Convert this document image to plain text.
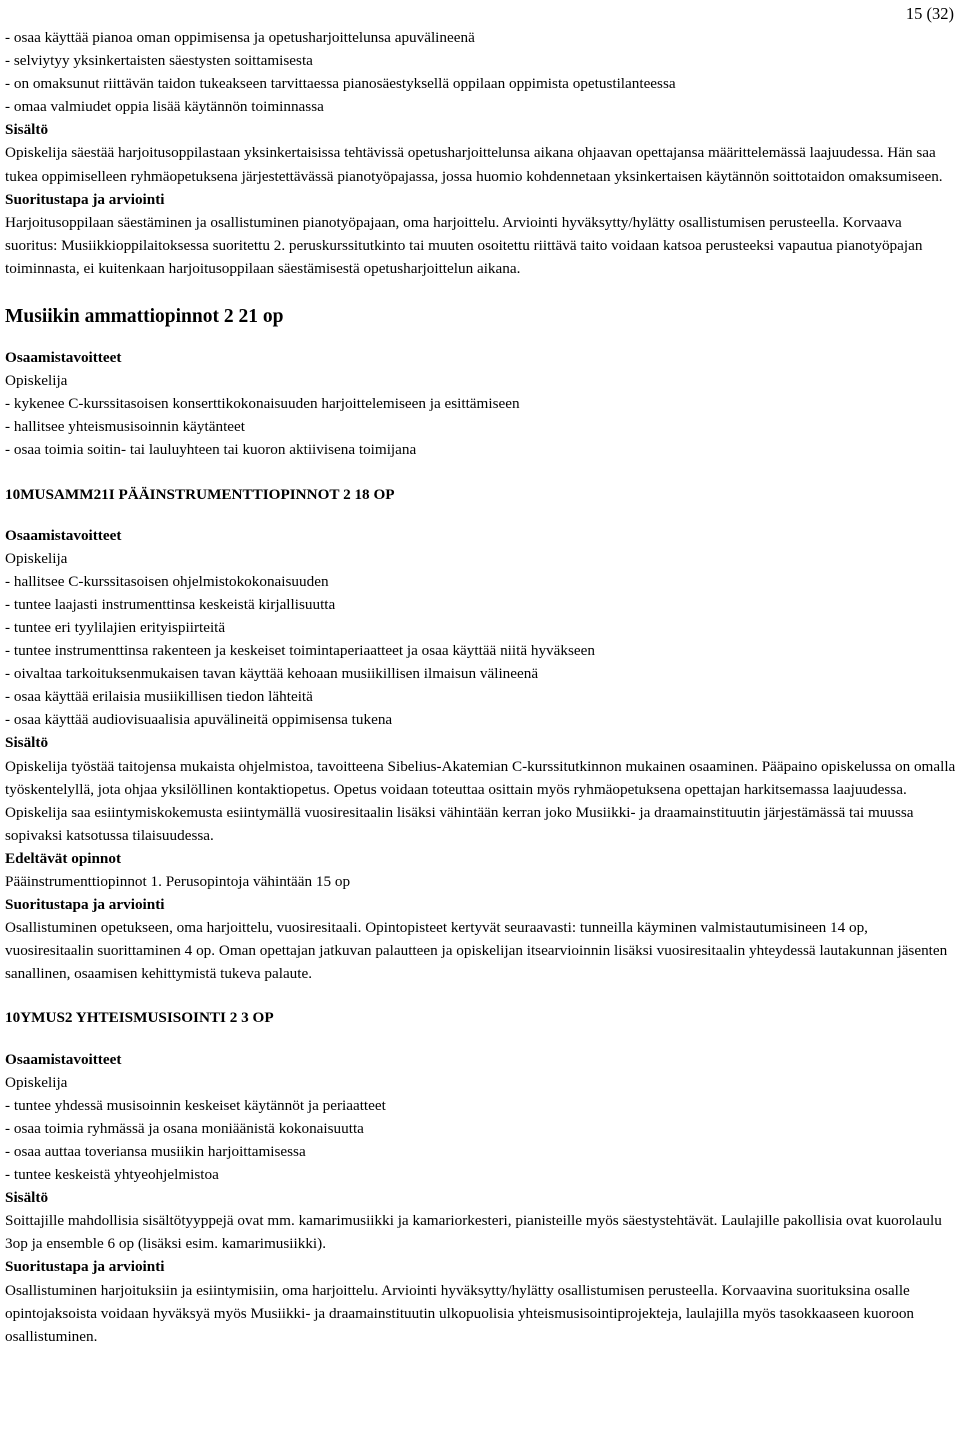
15 (32)

- osaa käyttää pianoa oman oppimisensa ja opetusharjoittelunsa apuvälineenä

- selviytyy yksinkertaisten säestysten soittamisesta

- on omaksunut riittävän taidon tukeakseen tarvittaessa pianosäestyksellä oppilaan oppimista opetustilanteessa

- omaa valmiudet oppia lisää käytännön toiminnassa

Sisältö

Opiskelija säestää harjoitusoppilastaan yksinkertaisissa tehtävissä opetusharjoittelunsa aikana ohjaavan opettajansa määrittelemässä laajuudessa. Hän saa tukea oppimiselleen ryhmäopetuksena järjestettävässä pianotyöpajassa, jossa huomio kohdennetaan yksinkertaisen käytännön soittotaidon omaksumiseen.

Suoritustapa ja arviointi

Harjoitusoppilaan säestäminen ja osallistuminen pianotyöpajaan, oma harjoittelu. Arviointi hyväksytty/hylätty osallistumisen perusteella. Korvaava suoritus: Musiikkioppilaitoksessa suoritettu 2. peruskurssitutkinto tai muuten osoitettu riittävä taito voidaan katsoa perusteeksi vapautua pianotyöpajan toiminnasta, ei kuitenkaan harjoitusoppilaan säestämisestä opetusharjoittelun aikana.

Musiikin ammattiopinnot 2 21 op

Osaamistavoitteet

Opiskelija

- kykenee C-kurssitasoisen konserttikokonaisuuden harjoittelemiseen ja esittämiseen

- hallitsee yhteismusisoinnin käytänteet

- osaa toimia soitin- tai lauluyhteen tai kuoron aktiivisena toimijana

10MUSAMM21I PÄÄINSTRUMENTTIOPINNOT 2 18 OP

Osaamistavoitteet

Opiskelija

- hallitsee C-kurssitasoisen ohjelmistokokonaisuuden

- tuntee laajasti instrumenttinsa keskeistä kirjallisuutta

- tuntee eri tyylilajien erityispiirteitä

- tuntee instrumenttinsa rakenteen ja keskeiset toimintaperiaatteet ja osaa käyttää niitä hyväkseen

- oivaltaa tarkoituksenmukaisen tavan käyttää kehoaan musiikillisen ilmaisun välineenä

- osaa käyttää erilaisia musiikillisen tiedon lähteitä

- osaa käyttää audiovisuaalisia apuvälineitä oppimisensa tukena

Sisältö

Opiskelija työstää taitojensa mukaista ohjelmistoa, tavoitteena Sibelius-Akatemian C-kurssitutkinnon mukainen osaaminen. Pääpaino opiskelussa on omalla työskentelyllä, jota ohjaa yksilöllinen kontaktiopetus. Opetus voidaan toteuttaa osittain myös ryhmäopetuksena opettajan harkitsemassa laajuudessa. Opiskelija saa esiintymiskokemusta esiintymällä vuosiresitaalin lisäksi vähintään kerran joko Musiikki- ja draamainstituutin järjestämässä tai muussa sopivaksi katsotussa tilaisuudessa.

Edeltävät opinnot

Pääinstrumenttiopinnot 1. Perusopintoja vähintään 15 op

Suoritustapa ja arviointi

Osallistuminen opetukseen, oma harjoittelu, vuosiresitaali. Opintopisteet kertyvät seuraavasti: tunneilla käyminen valmistautumisineen 14 op, vuosiresitaalin suorittaminen 4 op. Oman opettajan jatkuvan palautteen ja opiskelijan itsearvioinnin lisäksi vuosiresitaalin yhteydessä lautakunnan jäsenten sanallinen, osaamisen kehittymistä tukeva palaute.

10YMUS2 YHTEISMUSISOINTI 2 3 OP

Osaamistavoitteet

Opiskelija

- tuntee yhdessä musisoinnin keskeiset käytännöt ja periaatteet

- osaa toimia ryhmässä ja osana moniäänistä kokonaisuutta

- osaa auttaa toveriansa musiikin harjoittamisessa

- tuntee keskeistä yhtyeohjelmistoa

Sisältö

Soittajille mahdollisia sisältötyyppejä ovat mm. kamarimusiikki ja kamariorkesteri, pianisteille myös säestystehtävät. Laulajille pakollisia ovat kuorolaulu 3op ja ensemble 6 op (lisäksi esim. kamarimusiikki).

Suoritustapa ja arviointi

Osallistuminen harjoituksiin ja esiintymisiin, oma harjoittelu. Arviointi hyväksytty/hylätty osallistumisen perusteella. Korvaavina suorituksina osalle opintojaksoista voidaan hyväksyä myös Musiikki- ja draamainstituutin ulkopuolisia yhteismusisointiprojekteja, laulajilla myös tasokkaaseen kuoroon osallistuminen.
